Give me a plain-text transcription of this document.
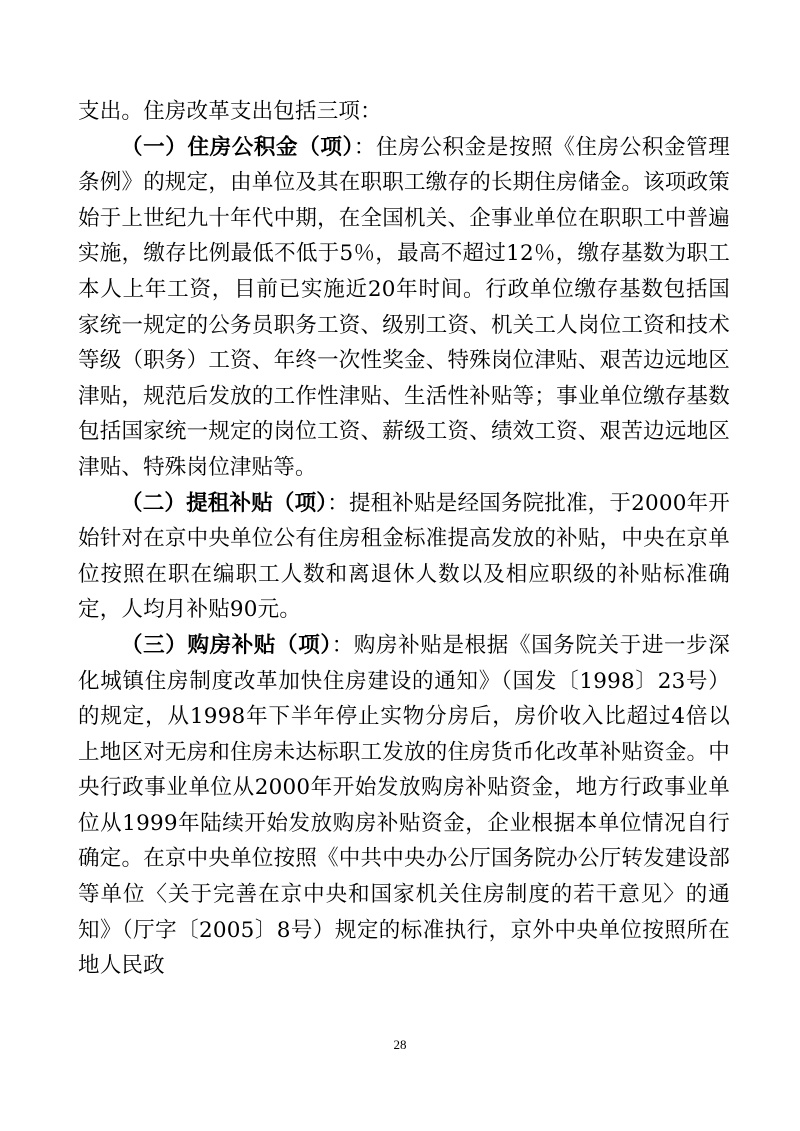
支出。住房改革支出包括三项：

（一）住房公积金（项）：住房公积金是按照《住房公积金管理条例》的规定，由单位及其在职职工缴存的长期住房储金。该项政策始于上世纪九十年代中期，在全国机关、企事业单位在职职工中普遍实施，缴存比例最低不低于5％，最高不超过12％，缴存基数为职工本人上年工资，目前已实施近20年时间。行政单位缴存基数包括国家统一规定的公务员职务工资、级别工资、机关工人岗位工资和技术等级（职务）工资、年终一次性奖金、特殊岗位津贴、艰苦边远地区津贴，规范后发放的工作性津贴、生活性补贴等；事业单位缴存基数包括国家统一规定的岗位工资、薪级工资、绩效工资、艰苦边远地区津贴、特殊岗位津贴等。

（二）提租补贴（项）：提租补贴是经国务院批准，于2000年开始针对在京中央单位公有住房租金标准提高发放的补贴，中央在京单位按照在职在编职工人数和离退休人数以及相应职级的补贴标准确定，人均月补贴90元。

（三）购房补贴（项）：购房补贴是根据《国务院关于进一步深化城镇住房制度改革加快住房建设的通知》（国发〔1998〕23号）的规定，从1998年下半年停止实物分房后，房价收入比超过4倍以上地区对无房和住房未达标职工发放的住房货币化改革补贴资金。中央行政事业单位从2000年开始发放购房补贴资金，地方行政事业单位从1999年陆续开始发放购房补贴资金，企业根据本单位情况自行确定。在京中央单位按照《中共中央办公厅国务院办公厅转发建设部等单位〈关于完善在京中央和国家机关住房制度的若干意见〉的通知》（厅字〔2005〕8号）规定的标准执行，京外中央单位按照所在地人民政

28
